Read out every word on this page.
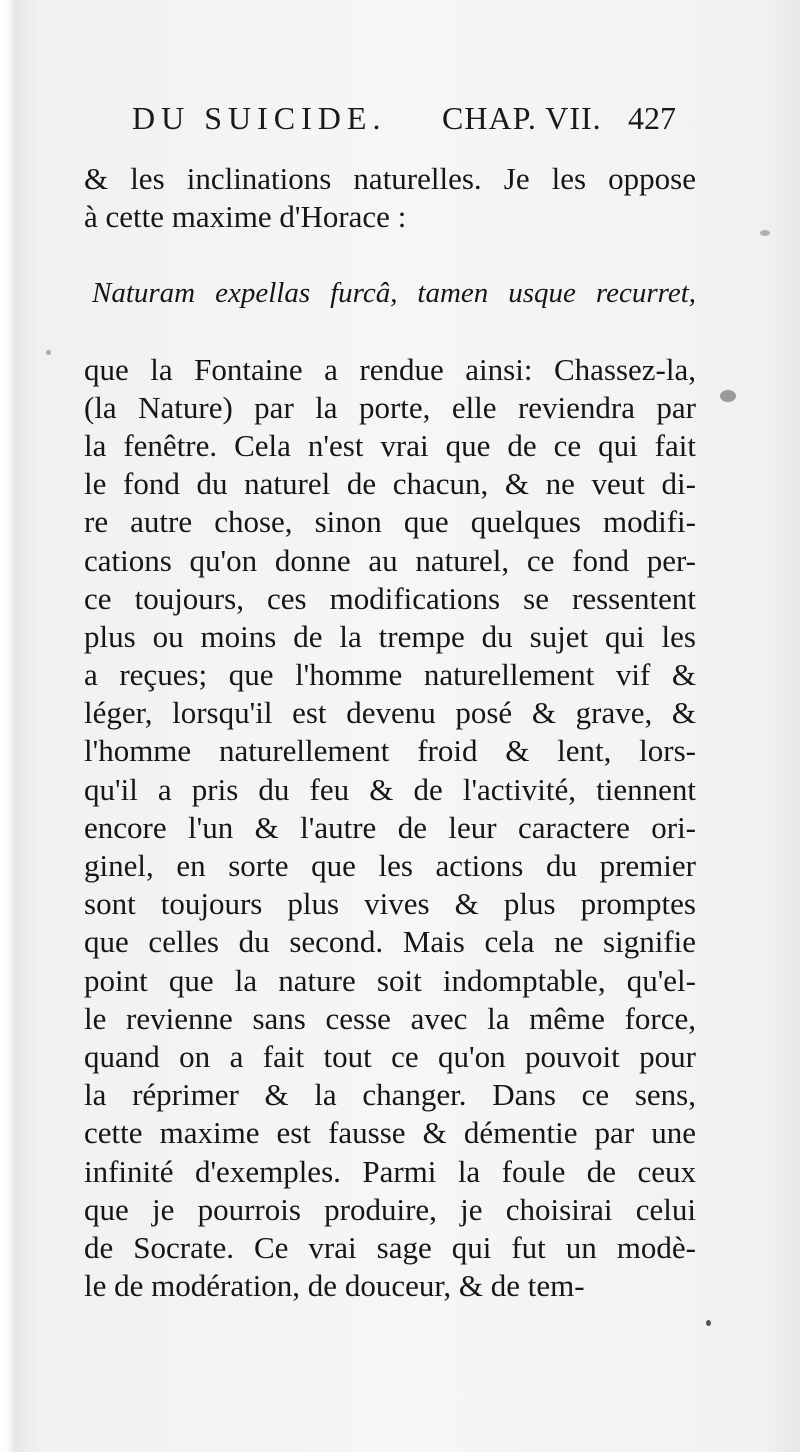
DU SUICIDE. CHAP. VII. 427
& les inclinations naturelles. Je les oppose
à cette maxime d'Horace :
Naturam expellas furcâ, tamen usque recurret,
que la Fontaine a rendue ainsi: Chassez-la,
(la Nature) par la porte, elle reviendra par
la fenêtre. Cela n'est vrai que de ce qui fait
le fond du naturel de chacun, & ne veut di-
re autre chose, sinon que quelques modifi-
cations qu'on donne au naturel, ce fond per-
ce toujours, ces modifications se ressentent
plus ou moins de la trempe du sujet qui les
a reçues; que l'homme naturellement vif &
léger, lorsqu'il est devenu posé & grave, &
l'homme naturellement froid & lent, lors-
qu'il a pris du feu & de l'activité, tiennent
encore l'un & l'autre de leur caractere ori-
ginel, en sorte que les actions du premier
sont toujours plus vives & plus promptes
que celles du second. Mais cela ne signifie
point que la nature soit indomptable, qu'el-
le revienne sans cesse avec la même force,
quand on a fait tout ce qu'on pouvoit pour
la réprimer & la changer. Dans ce sens,
cette maxime est fausse & démentie par une
infinité d'exemples. Parmi la foule de ceux
que je pourrois produire, je choisirai celui
de Socrate. Ce vrai sage qui fut un modè-
le de modération, de douceur, & de tem-
